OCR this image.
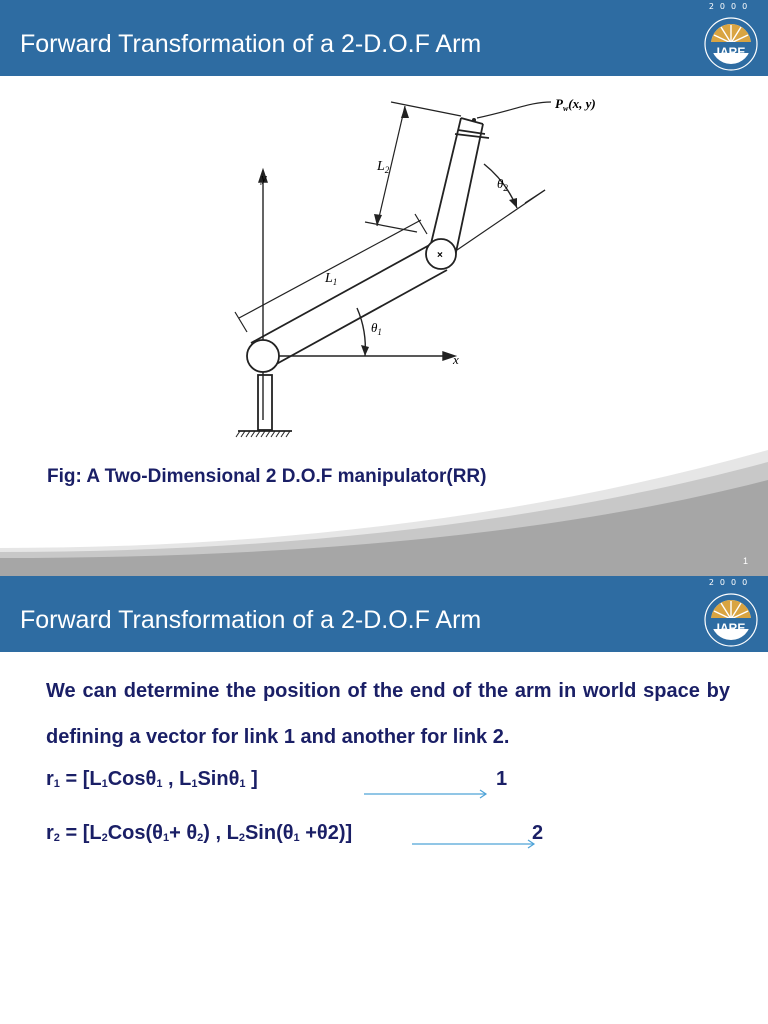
Forward Transformation of a 2-D.O.F Arm
2000
IARE
y
x
×
$\theta_1$
$\theta_2$
$L_1$
$L_2$
$P_w(x$, y)
Fig: A Two-Dimensional 2 D.O.F manipulator(RR)
1
Forward Transformation of a 2-D.O.F Arm
2000
IARE
We can determine the position of the end of the arm in world space by defining a vector for link 1 and another for link 2.
$r_1 = [L_1Cos\theta_1$ , $L_1Sin\theta_1$ ]	1
$r_2 = [L_2Cos(\theta_1+ \theta_2)$ , $L_2Sin(\theta_1 +\theta 2)$]	2
